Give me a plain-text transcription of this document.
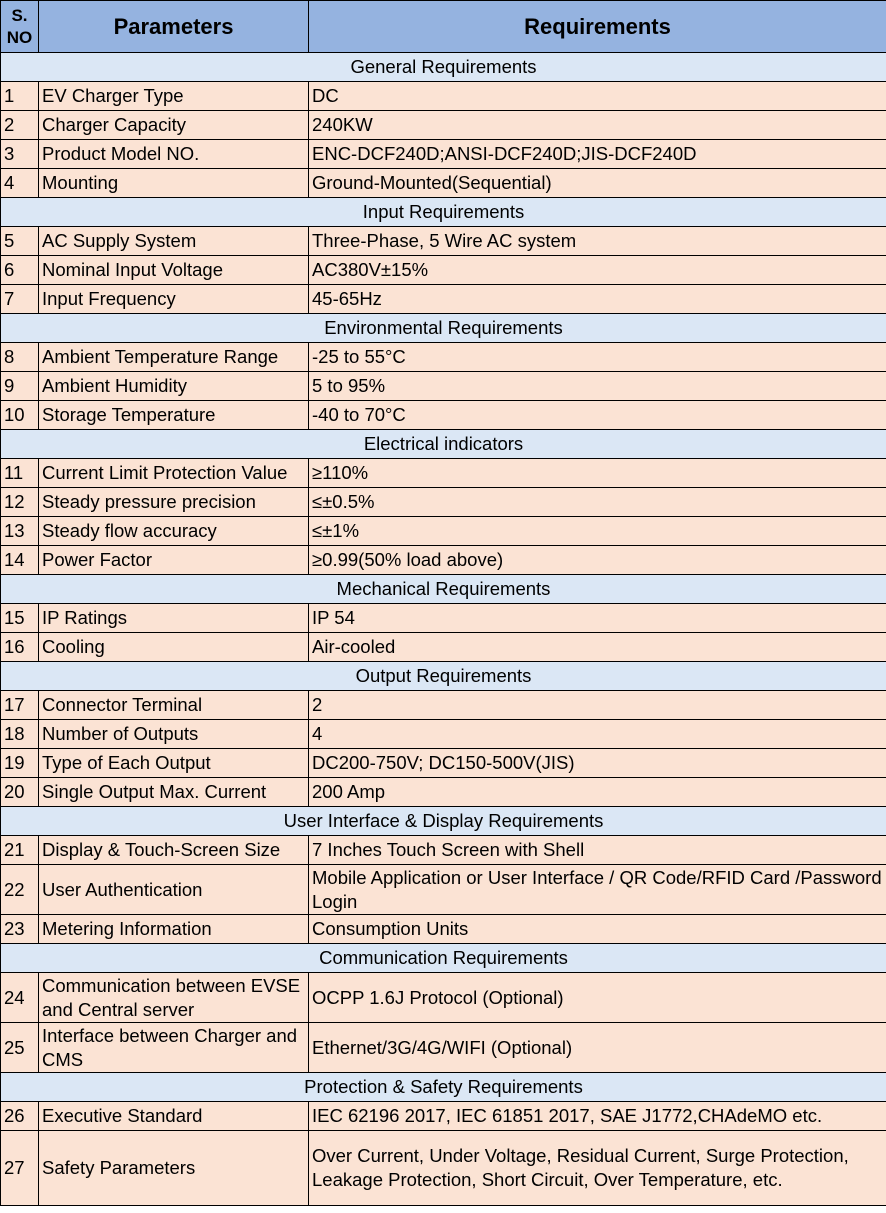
S. NO	Parameters	Requirements
General Requirements		
1	EV Charger Type	DC
2	Charger Capacity	240KW
3	Product Model NO.	ENC-DCF240D;ANSI-DCF240D;JIS-DCF240D
4	Mounting	Ground-Mounted(Sequential)
Input Requirements		
5	AC Supply System	Three-Phase, 5 Wire AC system
6	Nominal Input Voltage	AC380V±15%
7	Input Frequency	45-65Hz
Environmental Requirements		
8	Ambient Temperature Range	-25 to 55°C
9	Ambient Humidity	5 to 95%
10	Storage Temperature	-40 to 70°C
Electrical indicators		
11	Current Limit Protection Value	≥110%
12	Steady pressure precision	≤±0.5%
13	Steady flow accuracy	≤±1%
14	Power Factor	≥0.99(50% load above)
Mechanical Requirements		
15	IP Ratings	IP 54
16	Cooling	Air-cooled
Output Requirements		
17	Connector Terminal	2
18	Number of Outputs	4
19	Type of Each Output	DC200-750V; DC150-500V(JIS)
20	Single Output Max. Current	200 Amp
User Interface & Display Requirements		
21	Display & Touch-Screen Size	7 Inches Touch Screen with Shell
22	User Authentication	Mobile Application or User Interface / QR Code/RFID Card /Password Login
23	Metering Information	Consumption Units
Communication Requirements		
24	Communication between EVSE and Central server	OCPP 1.6J Protocol (Optional)
25	Interface between Charger and CMS	Ethernet/3G/4G/WIFI (Optional)
Protection & Safety Requirements		
26	Executive Standard	IEC 62196 2017, IEC 61851 2017, SAE J1772,CHAdeMO etc.
27	Safety Parameters	Over Current, Under Voltage, Residual Current, Surge Protection, Leakage Protection, Short Circuit, Over Temperature, etc.
